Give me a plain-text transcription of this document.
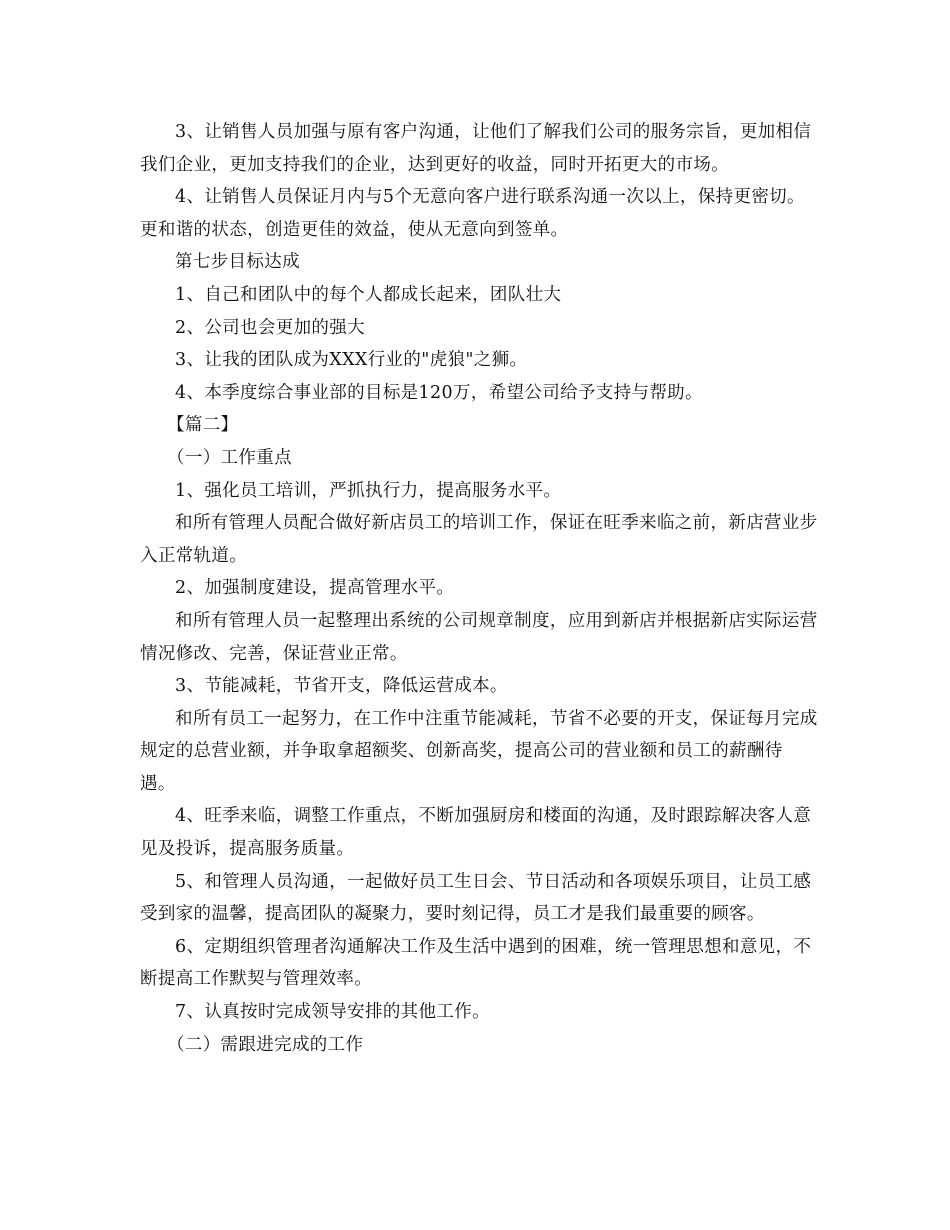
3、让销售人员加强与原有客户沟通，让他们了解我们公司的服务宗旨，更加相信我们企业，更加支持我们的企业，达到更好的收益，同时开拓更大的市场。

4、让销售人员保证月内与5个无意向客户进行联系沟通一次以上，保持更密切。更和谐的状态，创造更佳的效益，使从无意向到签单。

第七步目标达成

1、自己和团队中的每个人都成长起来，团队壮大

2、公司也会更加的强大

3、让我的团队成为XXX行业的"虎狼"之狮。

4、本季度综合事业部的目标是120万，希望公司给予支持与帮助。

【篇二】

（一）工作重点

1、强化员工培训，严抓执行力，提高服务水平。

和所有管理人员配合做好新店员工的培训工作，保证在旺季来临之前，新店营业步入正常轨道。

2、加强制度建设，提高管理水平。

和所有管理人员一起整理出系统的公司规章制度，应用到新店并根据新店实际运营情况修改、完善，保证营业正常。

3、节能减耗，节省开支，降低运营成本。

和所有员工一起努力，在工作中注重节能减耗，节省不必要的开支，保证每月完成规定的总营业额，并争取拿超额奖、创新高奖，提高公司的营业额和员工的薪酬待遇。

4、旺季来临，调整工作重点，不断加强厨房和楼面的沟通，及时跟踪解决客人意见及投诉，提高服务质量。

5、和管理人员沟通，一起做好员工生日会、节日活动和各项娱乐项目，让员工感受到家的温馨，提高团队的凝聚力，要时刻记得，员工才是我们最重要的顾客。

6、定期组织管理者沟通解决工作及生活中遇到的困难，统一管理思想和意见，不断提高工作默契与管理效率。

7、认真按时完成领导安排的其他工作。

（二）需跟进完成的工作
